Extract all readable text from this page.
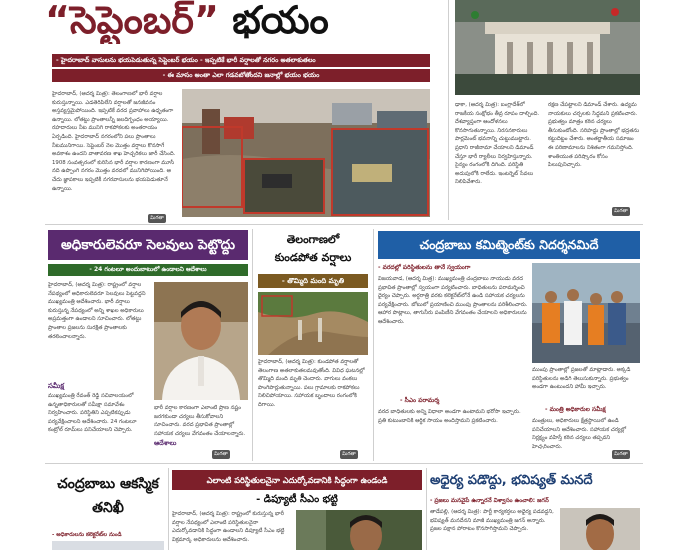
“సెప్టెంబర్” భయం
- హైదరాబాద్ వాసులను భయపెడుతున్న సెప్టెంబర్ భయం - ఇప్పటికే భారీ వర్షాలతో నగరం అతలాకుతలం
- ఈ మాసం అంతా ఎలా గడవబోతోందని జనాల్లో భయం భయం
హైదరాబాద్, (ఆదర్శ మిత్ర): తెలంగాణలో భారీ వర్షాల కురుస్తున్నాయి. ఎడతెరిపిలేని వర్షాలతో జనజీవనం అస్తవ్యస్తమైపోయింది. ఇప్పటికే వరద ప్రవాహాలు ఉధృతంగా ఉన్నాయి. లోతట్టు ప్రాంతాలన్నీ జలదిగ్బంధం అయ్యాయి. రహదారులు నీట మునిగి రాకపోకలకు అంతరాయం ఏర్పడింది. హైదరాబాద్ నగరంలోని పలు ప్రాంతాలు నీటమునిగాయి. సెప్టెంబర్ నెల మొత్తం వర్షాలు కొనసాగే అవకాశం ఉందని వాతావరణ శాఖ హెచ్చరికలు జారీ చేసింది. 1908 సంవత్సరంలో కురిసిన భారీ వర్షాల కారణంగా మూసీ నది ఉప్పొంగి నగరం మొత్తం వరదలో మునిగిపోయింది. ఆ చేదు జ్ఞాపకాలు ఇప్పటికీ నగరవాసులను భయపెడుతూనే ఉన్నాయి.
మిగతా
ఢాకా, (ఆదర్శ మిత్ర): బంగ్లాదేశ్‌లో రాజకీయ సంక్షోభం తీవ్ర రూపం దాల్చింది. దేశవ్యాప్తంగా ఆందోళనలు కొనసాగుతున్నాయి. నిరసనకారులు పార్లమెంట్ భవనాన్ని చుట్టుముట్టారు. ప్రధాని రాజీనామా చేయాలని డిమాండ్ చేస్తూ భారీ ర్యాలీలు నిర్వహిస్తున్నారు. సైన్యం రంగంలోకి దిగింది. పరిస్థితి అదుపులోకి రాలేదు. ఇంటర్నెట్ సేవలు నిలిపివేశారు.
రక్షణ చేపట్టాలని డిమాండ్ చేశారు. ఉద్యమ నాయకులు చర్చలకు సిద్ధమని ప్రకటించారు. ప్రభుత్వం మాత్రం కఠిన చర్యలు తీసుకుంటోంది. సరిహద్దు ప్రాంతాల్లో భద్రతను కట్టుదిట్టం చేశారు. అంతర్జాతీయ సమాజం ఈ పరిణామాలను నిశితంగా గమనిస్తోంది. శాంతియుత పరిష్కారం కోసం పిలుపునిచ్చారు.
మిగతా
అధికారులెవరూ సెలవులు పెట్టొద్దు
- 24 గంటలూ అందుబాటులో ఉండాలని ఆదేశాలు
హైదరాబాద్, (ఆదర్శ మిత్ర): రాష్ట్రంలో వర్షాల నేపథ్యంలో అధికారులెవరూ సెలవులు పెట్టవద్దని ముఖ్యమంత్రి ఆదేశించారు. భారీ వర్షాలు కురుస్తున్న నేపథ్యంలో అన్ని శాఖల అధికారులు అప్రమత్తంగా ఉండాలని సూచించారు. లోతట్టు ప్రాంతాల ప్రజలను సురక్షిత ప్రాంతాలకు తరలించాలన్నారు.
సమీక్ష
ముఖ్యమంత్రి రేవంత్ రెడ్డి సచివాలయంలో ఉన్నతాధికారులతో సమీక్షా సమావేశం నిర్వహించారు. పరిస్థితిని ఎప్పటికప్పుడు పర్యవేక్షించాలని ఆదేశించారు. 24 గంటలూ కంట్రోల్ రూమ్‌లు పనిచేయాలని చెప్పారు.
భారీ వర్షాల కారణంగా ఎలాంటి ప్రాణ నష్టం జరగకుండా చర్యలు తీసుకోవాలని సూచించారు. వరద ప్రభావిత ప్రాంతాల్లో సహాయక చర్యలు వేగవంతం చేయాలన్నారు.
ఆదేశాలు
మిగతా
తెలంగాణలో
కుండపోత వర్షాలు
- తొమ్మిది మంది మృతి
హైదరాబాద్, (ఆదర్శ మిత్ర): కుండపోత వర్షాలతో తెలంగాణ అతలాకుతలమవుతోంది. వివిధ ఘటనల్లో తొమ్మిది మంది మృతి చెందారు. వాగులు వంకలు పొంగిపొర్లుతున్నాయి. పలు గ్రామాలకు రాకపోకలు నిలిచిపోయాయి. సహాయక బృందాలు రంగంలోకి దిగాయి.
మిగతా
చంద్రబాబు కమిట్మెంట్‌కు నిదర్శనమిదే
- వరదల్లో పరిస్థితులను తానే స్వయంగా
విజయవాడ, (ఆదర్శ మిత్ర): ముఖ్యమంత్రి చంద్రబాబు నాయుడు వరద ప్రభావిత ప్రాంతాల్లో స్వయంగా పర్యటించారు. బాధితులను పరామర్శించి ధైర్యం చెప్పారు. అర్ధరాత్రి వరకు కలెక్టరేట్‌లోనే ఉండి సహాయక చర్యలను పర్యవేక్షించారు. బోటులో ప్రయాణించి ముంపు ప్రాంతాలను పరిశీలించారు. ఆహార పొట్లాలు, తాగునీరు పంపిణీని వేగవంతం చేయాలని అధికారులను ఆదేశించారు.
ముంపు ప్రాంతాల్లో ప్రజలతో మాట్లాడారు. అక్కడి పరిస్థితులను అడిగి తెలుసుకున్నారు. ప్రభుత్వం అండగా ఉంటుందని హామీ ఇచ్చారు.
- సీఎం పరామర్శ
వరద బాధితులకు అన్ని విధాలా అండగా ఉంటామని భరోసా ఇచ్చారు. ప్రతి కుటుంబానికి ఆర్థిక సాయం అందిస్తామని ప్రకటించారు.
- మంత్రి అధికారుల సమీక్ష
మంత్రులు, అధికారులు క్షేత్రస్థాయిలో ఉండి పనిచేయాలని ఆదేశించారు. సహాయక చర్యల్లో నిర్లక్ష్యం వహిస్తే కఠిన చర్యలు తప్పవని హెచ్చరించారు.
మిగతా
చంద్రబాబు ఆకస్మిక తనిఖీ
- అధికారులను కలెక్టరేట్‌ల నుండి
ఎలాంటి పరిస్థితులనైనా ఎదుర్కోవడానికి సిద్ధంగా ఉండండి
- డిప్యూటీ సీఎం భట్టి
హైదరాబాద్, (ఆదర్శ మిత్ర): రాష్ట్రంలో కురుస్తున్న భారీ వర్షాల నేపథ్యంలో ఎలాంటి పరిస్థితులనైనా ఎదుర్కోవడానికి సిద్ధంగా ఉండాలని డిప్యూటీ సీఎం భట్టి విక్రమార్క అధికారులను ఆదేశించారు.
అధైర్య పడొద్దు, భవిష్యత్ మనదే
- ప్రజలు మనవైపే ఉన్నారనే విశ్వాసం ఉంచాలి: జగన్
తాడేపల్లి, (ఆదర్శ మిత్ర): పార్టీ కార్యకర్తలు అధైర్య పడవద్దని, భవిష్యత్ మనదేనని మాజీ ముఖ్యమంత్రి జగన్ అన్నారు. ప్రజల పక్షాన పోరాటం కొనసాగిస్తామని చెప్పారు.
